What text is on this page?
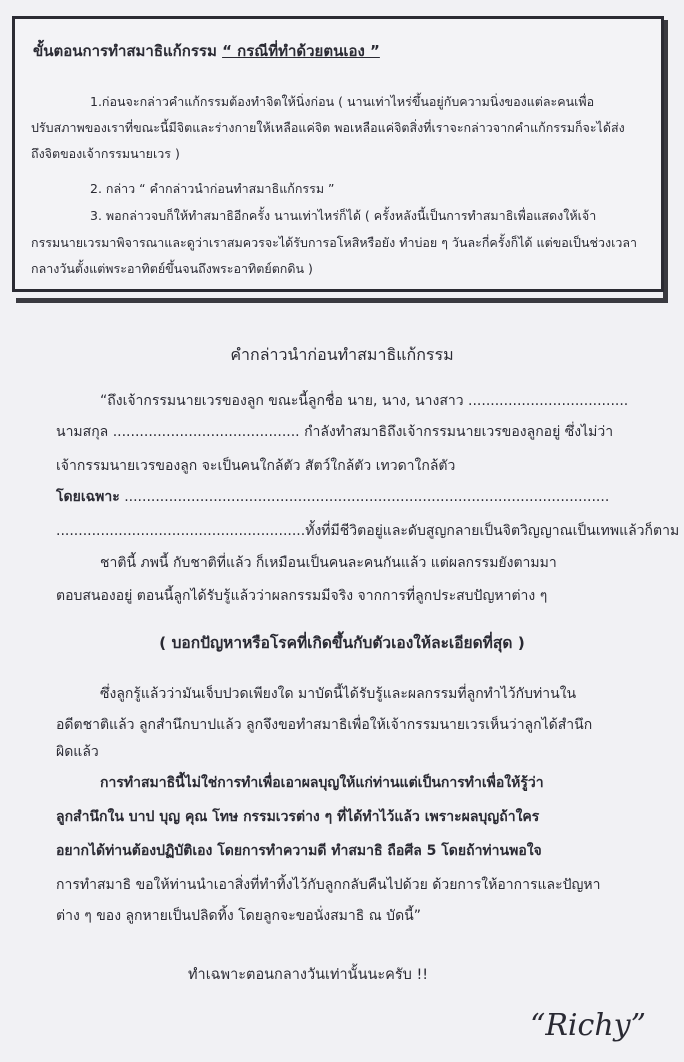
ขั้นตอนการทำสมาธิแก้กรรม “ กรณีที่ทำด้วยตนเอง ”
1.ก่อนจะกล่าวคำแก้กรรมต้องทำจิตให้นิ่งก่อน ( นานเท่าไหร่ขึ้นอยู่กับความนิ่งของแต่ละคนเพื่อ
ปรับสภาพของเราที่ขณะนี้มีจิตและร่างกายให้เหลือแค่จิต พอเหลือแค่จิตสิ่งที่เราจะกล่าวจากคำแก้กรรมก็จะได้ส่ง
ถึงจิตของเจ้ากรรมนายเวร )
2. กล่าว “ คำกล่าวนำก่อนทำสมาธิแก้กรรม ”
3. พอกล่าวจบก็ให้ทำสมาธิอีกครั้ง นานเท่าไหร่ก็ได้ ( ครั้งหลังนี้เป็นการทำสมาธิเพื่อแสดงให้เจ้า
กรรมนายเวรมาพิจารณาและดูว่าเราสมควรจะได้รับการอโหสิหรือยัง ทำบ่อย ๆ วันละกี่ครั้งก็ได้ แต่ขอเป็นช่วงเวลา
กลางวันตั้งแต่พระอาทิตย์ขึ้นจนถึงพระอาทิตย์ตกดิน )
คำกล่าวนำก่อนทำสมาธิแก้กรรม
“ถึงเจ้ากรรมนายเวรของลูก ขณะนี้ลูกชื่อ นาย, นาง, นางสาว ....................................
นามสกุล .......................................... กำลังทำสมาธิถึงเจ้ากรรมนายเวรของลูกอยู่ ซึ่งไม่ว่า
เจ้ากรรมนายเวรของลูก จะเป็นคนใกล้ตัว สัตว์ใกล้ตัว เทวดาใกล้ตัว
โดยเฉพาะ .............................................................................................................
........................................................ทั้งที่มีชีวิตอยู่และดับสูญกลายเป็นจิตวิญญาณเป็นเทพแล้วก็ตาม
ชาตินี้ ภพนี้ กับชาติที่แล้ว ก็เหมือนเป็นคนละคนกันแล้ว แต่ผลกรรมยังตามมา
ตอบสนองอยู่ ตอนนี้ลูกได้รับรู้แล้วว่าผลกรรมมีจริง จากการที่ลูกประสบปัญหาต่าง ๆ
( บอกปัญหาหรือโรคที่เกิดขึ้นกับตัวเองให้ละเอียดที่สุด )
ซึ่งลูกรู้แล้วว่ามันเจ็บปวดเพียงใด มาบัดนี้ได้รับรู้และผลกรรมที่ลูกทำไว้กับท่านใน
อดีตชาติแล้ว ลูกสำนึกบาปแล้ว ลูกจึงขอทำสมาธิเพื่อให้เจ้ากรรมนายเวรเห็นว่าลูกได้สำนึก
ผิดแล้ว
การทำสมาธินี้ไม่ใช่การทำเพื่อเอาผลบุญให้แก่ท่านแต่เป็นการทำเพื่อให้รู้ว่า
ลูกสำนึกใน บาป บุญ คุณ โทษ กรรมเวรต่าง ๆ ที่ได้ทำไว้แล้ว เพราะผลบุญถ้าใคร
อยากได้ท่านต้องปฏิบัติเอง โดยการทำความดี ทำสมาธิ ถือศีล 5 โดยถ้าท่านพอใจ
การทำสมาธิ ขอให้ท่านนำเอาสิ่งที่ทำทิ้งไว้กับลูกกลับคืนไปด้วย ด้วยการให้อาการและปัญหา
ต่าง ๆ ของ ลูกหายเป็นปลิดทิ้ง โดยลูกจะขอนั่งสมาธิ ณ บัดนี้”
ทำเฉพาะตอนกลางวันเท่านั้นนะครับ !!
“Richy”
